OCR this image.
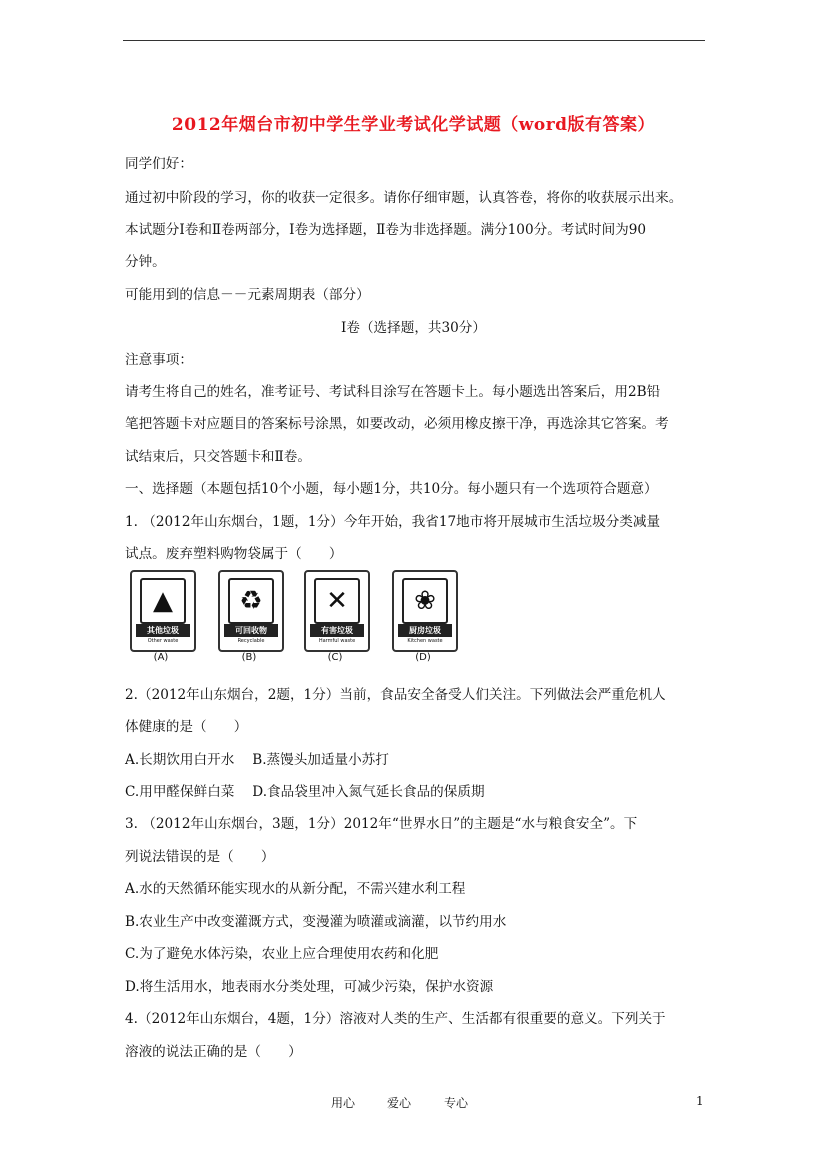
2012年烟台市初中学生学业考试化学试题（word版有答案）
同学们好：
通过初中阶段的学习，你的收获一定很多。请你仔细审题，认真答卷，将你的收获展示出来。
本试题分Ⅰ卷和Ⅱ卷两部分，Ⅰ卷为选择题，Ⅱ卷为非选择题。满分100分。考试时间为90
分钟。
可能用到的信息－－元素周期表（部分）
Ⅰ卷（选择题，共30分）
注意事项：
请考生将自己的姓名，准考证号、考试科目涂写在答题卡上。每小题选出答案后，用2B铅
笔把答题卡对应题目的答案标号涂黑，如要改动，必须用橡皮擦干净，再选涂其它答案。考
试结束后，只交答题卡和Ⅱ卷。
一、选择题（本题包括10个小题，每小题1分，共10分。每小题只有一个选项符合题意）
1. （2012年山东烟台，1题，1分）今年开始，我省17地市将开展城市生活垃圾分类减量
试点。废弃塑料购物袋属于（　　）
▲
其他垃圾
Other waste
(A)
♻
可回收物
Recyclable
(B)
✕
有害垃圾
Harmful waste
(C)
❀
厨房垃圾
Kitchen waste
(D)
2.（2012年山东烟台，2题，1分）当前，食品安全备受人们关注。下列做法会严重危机人
体健康的是（　　）
A.长期饮用白开水　 B.蒸馒头加适量小苏打
C.用甲醛保鲜白菜　 D.食品袋里冲入氮气延长食品的保质期
3. （2012年山东烟台，3题，1分）2012年“世界水日”的主题是“水与粮食安全”。下
列说法错误的是（　　）
A.水的天然循环能实现水的从新分配，不需兴建水利工程
B.农业生产中改变灌溉方式，变漫灌为喷灌或滴灌，以节约用水
C.为了避免水体污染，农业上应合理使用农药和化肥
D.将生活用水，地表雨水分类处理，可减少污染，保护水资源
4.（2012年山东烟台，4题，1分）溶液对人类的生产、生活都有很重要的意义。下列关于
溶液的说法正确的是（　　）
用心	爱心	专心	1
